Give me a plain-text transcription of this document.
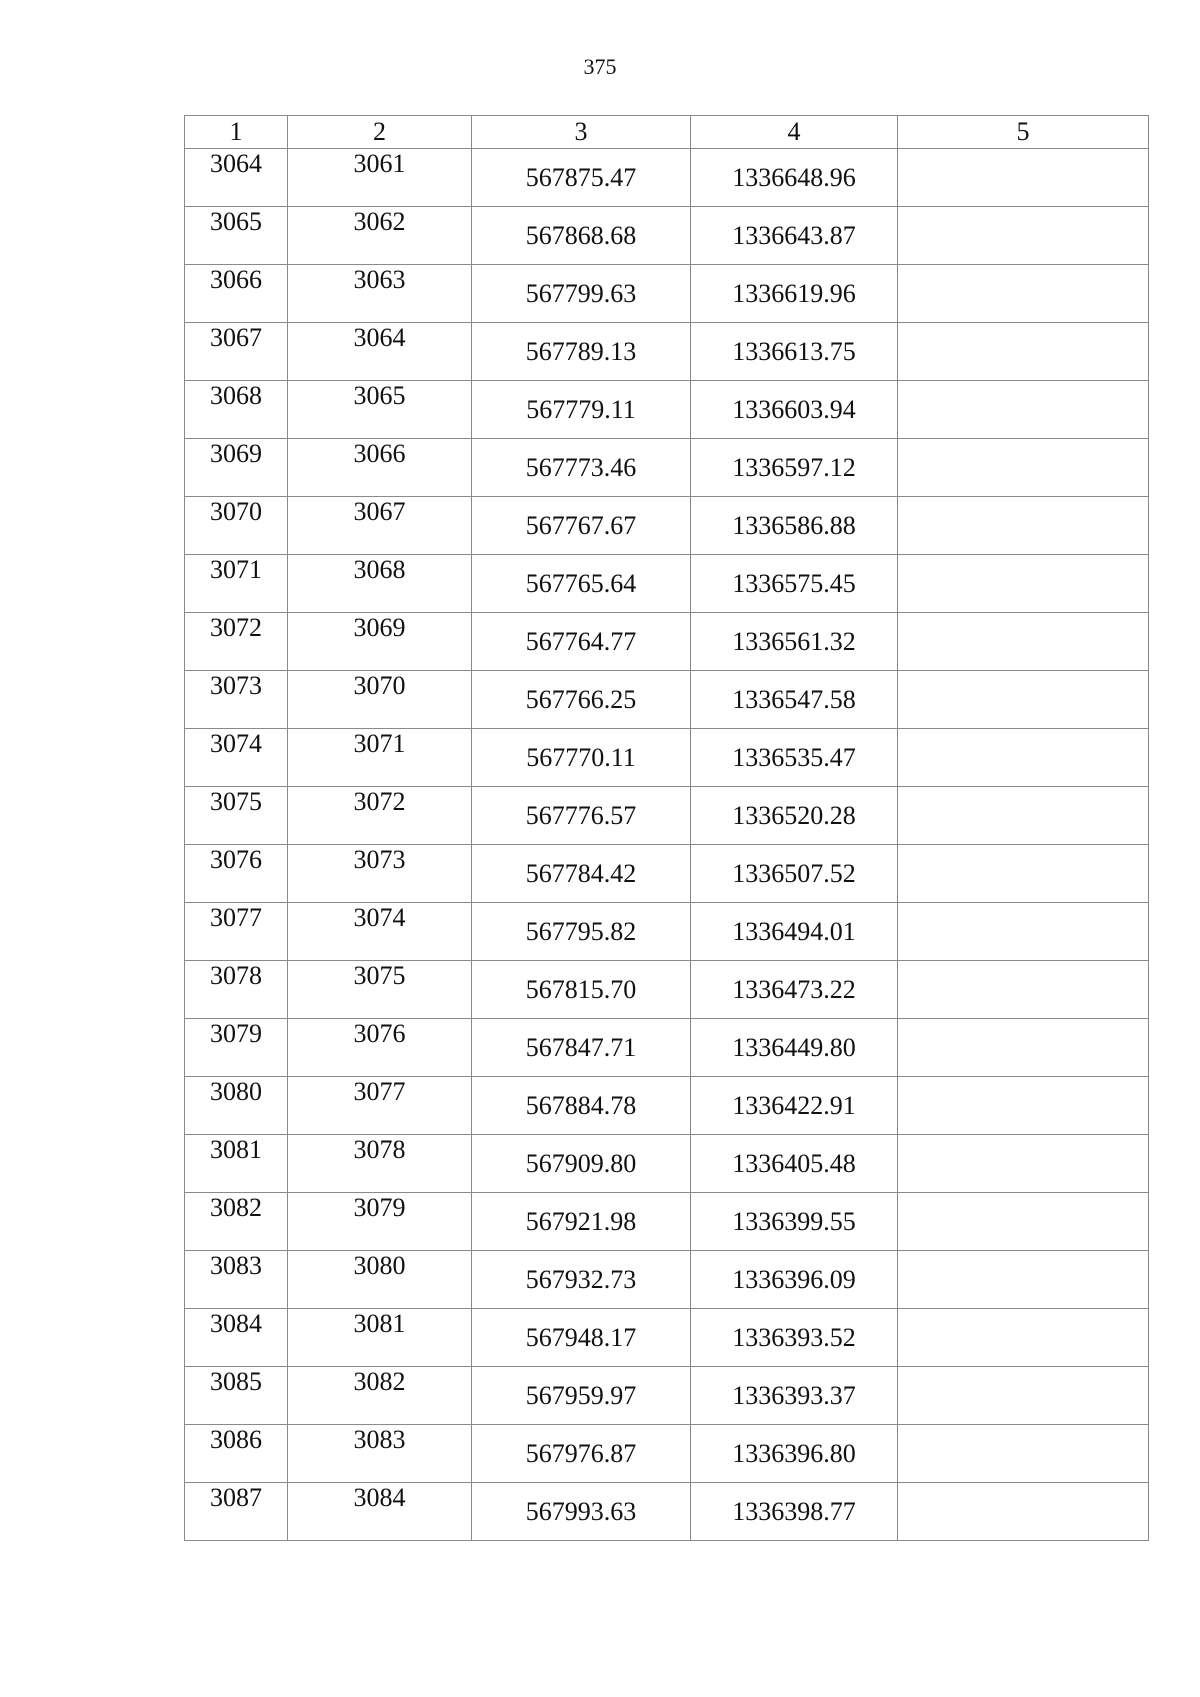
375
1	2	3	4	5
3064	3061	567875.47	1336648.96	
3065	3062	567868.68	1336643.87	
3066	3063	567799.63	1336619.96	
3067	3064	567789.13	1336613.75	
3068	3065	567779.11	1336603.94	
3069	3066	567773.46	1336597.12	
3070	3067	567767.67	1336586.88	
3071	3068	567765.64	1336575.45	
3072	3069	567764.77	1336561.32	
3073	3070	567766.25	1336547.58	
3074	3071	567770.11	1336535.47	
3075	3072	567776.57	1336520.28	
3076	3073	567784.42	1336507.52	
3077	3074	567795.82	1336494.01	
3078	3075	567815.70	1336473.22	
3079	3076	567847.71	1336449.80	
3080	3077	567884.78	1336422.91	
3081	3078	567909.80	1336405.48	
3082	3079	567921.98	1336399.55	
3083	3080	567932.73	1336396.09	
3084	3081	567948.17	1336393.52	
3085	3082	567959.97	1336393.37	
3086	3083	567976.87	1336396.80	
3087	3084	567993.63	1336398.77	
